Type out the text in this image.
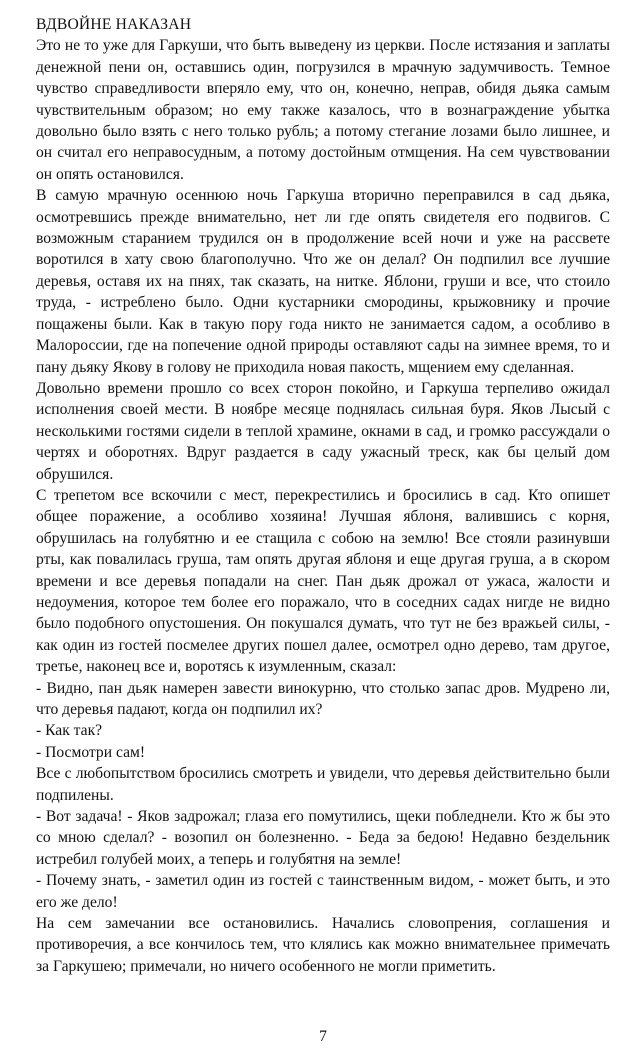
ВДВОЙНЕ НАКАЗАН

Это не то уже для Гаркуши, что быть выведену из церкви. После истязания и заплаты денежной пени он, оставшись один, погрузился в мрачную задумчивость. Темное чувство справедливости вперяло ему, что он, конечно, неправ, обидя дьяка самым чувствительным образом; но ему также казалось, что в вознаграждение убытка довольно было взять с него только рубль; а потому стегание лозами было лишнее, и он считал его неправосудным, а потому достойным отмщения. На сем чувствовании он опять остановился.

В самую мрачную осеннюю ночь Гаркуша вторично переправился в сад дьяка, осмотревшись прежде внимательно, нет ли где опять свидетеля его подвигов. С возможным старанием трудился он в продолжение всей ночи и уже на рассвете воротился в хату свою благополучно. Что же он делал? Он подпилил все лучшие деревья, оставя их на пнях, так сказать, на нитке. Яблони, груши и все, что стоило труда, - истреблено было. Одни кустарники смородины, крыжовнику и прочие пощажены были. Как в такую пору года никто не занимается садом, а особливо в Малороссии, где на попечение одной природы оставляют сады на зимнее время, то и пану дьяку Якову в голову не приходила новая пакость, мщением ему сделанная.

Довольно времени прошло со всех сторон покойно, и Гаркуша терпеливо ожидал исполнения своей мести. В ноябре месяце поднялась сильная буря. Яков Лысый с несколькими гостями сидели в теплой храмине, окнами в сад, и громко рассуждали о чертях и оборотнях. Вдруг раздается в саду ужасный треск, как бы целый дом обрушился.

С трепетом все вскочили с мест, перекрестились и бросились в сад. Кто опишет общее поражение, а особливо хозяина! Лучшая яблоня, валившись с корня, обрушилась на голубятню и ее стащила с собою на землю! Все стояли разинувши рты, как повалилась груша, там опять другая яблоня и еще другая груша, а в скором времени и все деревья попадали на снег. Пан дьяк дрожал от ужаса, жалости и недоумения, которое тем более его поражало, что в соседних садах нигде не видно было подобного опустошения. Он покушался думать, что тут не без вражьей силы, - как один из гостей посмелее других пошел далее, осмотрел одно дерево, там другое, третье, наконец все и, воротясь к изумленным, сказал:

- Видно, пан дьяк намерен завести винокурню, что столько запас дров. Мудрено ли, что деревья падают, когда он подпилил их?

- Как так?

- Посмотри сам!

Все с любопытством бросились смотреть и увидели, что деревья действительно были подпилены.

- Вот задача! - Яков задрожал; глаза его помутились, щеки побледнели. Кто ж бы это со мною сделал? - возопил он болезненно. - Беда за бедою! Недавно бездельник истребил голубей моих, а теперь и голубятня на земле!

- Почему знать, - заметил один из гостей с таинственным видом, - может быть, и это его же дело!

На сем замечании все остановились. Начались словопрения, соглашения и противоречия, а все кончилось тем, что клялись как можно внимательнее примечать за Гаркушею; примечали, но ничего особенного не могли приметить.

7
